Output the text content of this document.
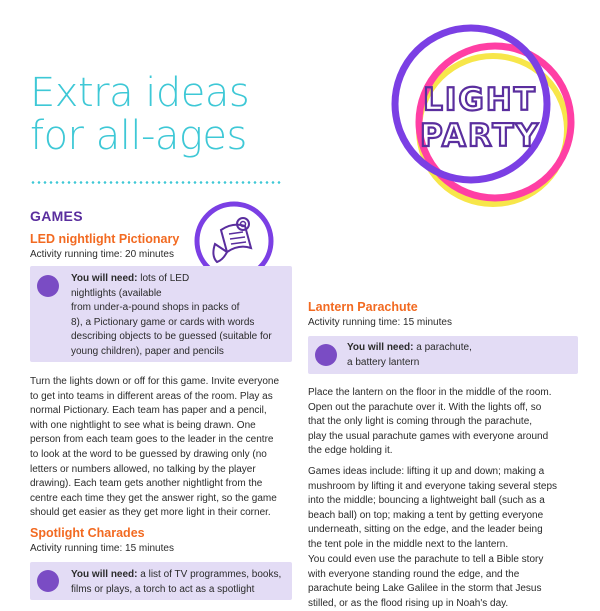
Extra ideas
for all-ages
LIGHT
PARTY
GAMES
LED nightlight Pictionary
Activity running time: 20 minutes
You will need: lots of LED
nightlights (available
from under-a-pound shops in packs of
8), a Pictionary game or cards with words
describing objects to be guessed (suitable for
young children), paper and pencils
Turn the lights down or off for this game. Invite everyone
to get into teams in different areas of the room. Play as
normal Pictionary. Each team has paper and a pencil,
with one nightlight to see what is being drawn. One
person from each team goes to the leader in the centre
to look at the word to be guessed by drawing only (no
letters or numbers allowed, no talking by the player
drawing). Each team gets another nightlight from the
centre each time they get the answer right, so the game
should get easier as they get more light in their corner.
Spotlight Charades
Activity running time: 15 minutes
You will need: a list of TV programmes, books,
films or plays, a torch to act as a spotlight
Lantern Parachute
Activity running time: 15 minutes
You will need: a parachute,
a battery lantern
Place the lantern on the floor in the middle of the room.
Open out the parachute over it. With the lights off, so
that the only light is coming through the parachute,
play the usual parachute games with everyone around
the edge holding it.
Games ideas include: lifting it up and down; making a
mushroom by lifting it and everyone taking several steps
into the middle; bouncing a lightweight ball (such as a
beach ball) on top; making a tent by getting everyone
underneath, sitting on the edge, and the leader being
the tent pole in the middle next to the lantern.
You could even use the parachute to tell a Bible story
with everyone standing round the edge, and the
parachute being Lake Galilee in the storm that Jesus
stilled, or as the flood rising up in Noah's day.
